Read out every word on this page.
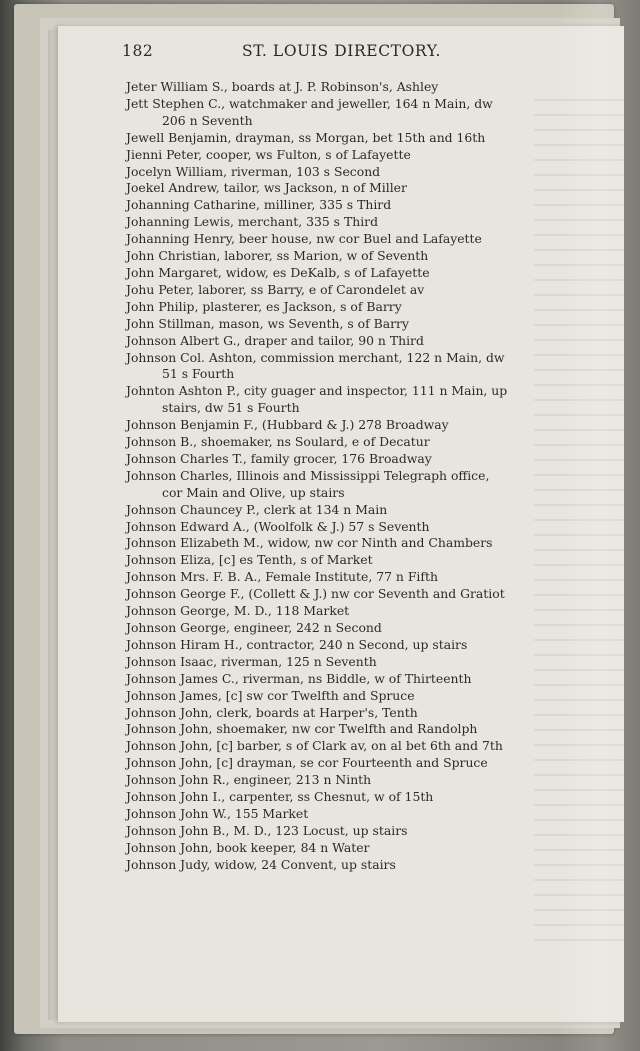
182	ST. LOUIS DIRECTORY.
Jeter William S., boards at J. P. Robinson's, Ashley
Jett Stephen C., watchmaker and jeweller, 164 n Main, dw
206 n Seventh
Jewell Benjamin, drayman, ss Morgan, bet 15th and 16th
Jienni Peter, cooper, ws Fulton, s of Lafayette
Jocelyn William, riverman, 103 s Second
Joekel Andrew, tailor, ws Jackson, n of Miller
Johanning Catharine, milliner, 335 s Third
Johanning Lewis, merchant, 335 s Third
Johanning Henry, beer house, nw cor Buel and Lafayette
John Christian, laborer, ss Marion, w of Seventh
John Margaret, widow, es DeKalb, s of Lafayette
Johu Peter, laborer, ss Barry, e of Carondelet av
John Philip, plasterer, es Jackson, s of Barry
John Stillman, mason, ws Seventh, s of Barry
Johnson Albert G., draper and tailor, 90 n Third
Johnson Col. Ashton, commission merchant, 122 n Main, dw
51 s Fourth
Johnton Ashton P., city guager and inspector, 111 n Main, up
stairs, dw 51 s Fourth
Johnson Benjamin F., (Hubbard & J.) 278 Broadway
Johnson B., shoemaker, ns Soulard, e of Decatur
Johnson Charles T., family grocer, 176 Broadway
Johnson Charles, Illinois and Mississippi Telegraph office,
cor Main and Olive, up stairs
Johnson Chauncey P., clerk at 134 n Main
Johnson Edward A., (Woolfolk & J.) 57 s Seventh
Johnson Elizabeth M., widow, nw cor Ninth and Chambers
Johnson Eliza, [c] es Tenth, s of Market
Johnson Mrs. F. B. A., Female Institute, 77 n Fifth
Johnson George F., (Collett & J.) nw cor Seventh and Gratiot
Johnson George, M. D., 118 Market
Johnson George, engineer, 242 n Second
Johnson Hiram H., contractor, 240 n Second, up stairs
Johnson Isaac, riverman, 125 n Seventh
Johnson James C., riverman, ns Biddle, w of Thirteenth
Johnson James, [c] sw cor Twelfth and Spruce
Johnson John, clerk, boards at Harper's, Tenth
Johnson John, shoemaker, nw cor Twelfth and Randolph
Johnson John, [c] barber, s of Clark av, on al bet 6th and 7th
Johnson John, [c] drayman, se cor Fourteenth and Spruce
Johnson John R., engineer, 213 n Ninth
Johnson John I., carpenter, ss Chesnut, w of 15th
Johnson John W., 155 Market
Johnson John B., M. D., 123 Locust, up stairs
Johnson John, book keeper, 84 n Water
Johnson Judy, widow, 24 Convent, up stairs
